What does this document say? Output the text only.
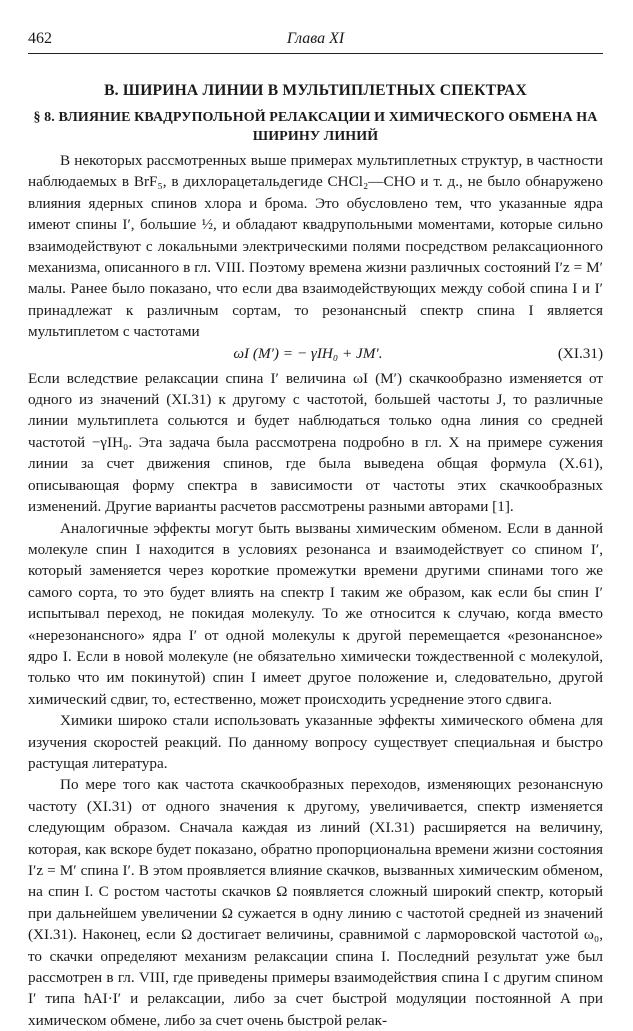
462	Глава XI
B. ШИРИНА ЛИНИИ В МУЛЬТИПЛЕТНЫХ СПЕКТРАХ
§ 8. ВЛИЯНИЕ КВАДРУПОЛЬНОЙ РЕЛАКСАЦИИ И ХИМИЧЕСКОГО ОБМЕНА НА ШИРИНУ ЛИНИЙ

В некоторых рассмотренных выше примерах мультиплетных структур, в частности наблюдаемых в BrF₅, в дихлорацетальдегиде CHCl₂—CHO и т. д., не было обнаружено влияния ядерных спинов хлора и брома. Это обусловлено тем, что указанные ядра имеют спины I′, большие ½, и обладают квадрупольными моментами, которые сильно взаимодействуют с локальными электрическими полями посредством релаксационного механизма, описанного в гл. VIII. Поэтому времена жизни различных состояний I′z = M′ малы. Ранее было показано, что если два взаимодействующих между собой спина I и I′ принадлежат к различным сортам, то резонансный спектр спина I является мультиплетом с частотами

ωI (M′) = − γIH₀ + JM′.	(XI.31)

Если вследствие релаксации спина I′ величина ωI (M′) скачкообразно изменяется от одного из значений (XI.31) к другому с частотой, большей частоты J, то различные линии мультиплета сольются и будет наблюдаться только одна линия со средней частотой −γIH₀. Эта задача была рассмотрена подробно в гл. X на примере сужения линии за счет движения спинов, где была выведена общая формула (X.61), описывающая форму спектра в зависимости от частоты этих скачкообразных изменений. Другие варианты расчетов рассмотрены разными авторами [1].

Аналогичные эффекты могут быть вызваны химическим обменом. Если в данной молекуле спин I находится в условиях резонанса и взаимодействует со спином I′, который заменяется через короткие промежутки времени другими спинами того же самого сорта, то это будет влиять на спектр I таким же образом, как если бы спин I′ испытывал переход, не покидая молекулу. То же относится к случаю, когда вместо «нерезонансного» ядра I′ от одной молекулы к другой перемещается «резонансное» ядро I. Если в новой молекуле (не обязательно химически тождественной с молекулой, только что им покинутой) спин I имеет другое положение и, следовательно, другой химический сдвиг, то, естественно, может происходить усреднение этого сдвига.

Химики широко стали использовать указанные эффекты химического обмена для изучения скоростей реакций. По данному вопросу существует специальная и быстро растущая литература.

По мере того как частота скачкообразных переходов, изменяющих резонансную частоту (XI.31) от одного значения к другому, увеличивается, спектр изменяется следующим образом. Сначала каждая из линий (XI.31) расширяется на величину, которая, как вскоре будет показано, обратно пропорциональна времени жизни состояния I′z = M′ спина I′. В этом проявляется влияние скачков, вызванных химическим обменом, на спин I. С ростом частоты скачков Ω появляется сложный широкий спектр, который при дальнейшем увеличении Ω сужается в одну линию с частотой средней из значений (XI.31). Наконец, если Ω достигает величины, сравнимой с ларморовской частотой ω₀, то скачки определяют механизм релаксации спина I. Последний результат уже был рассмотрен в гл. VIII, где приведены примеры взаимодействия спина I с другим спином I′ типа ħAI·I′ и релаксации, либо за счет быстрой модуляции постоянной A при химическом обмене, либо за счет очень быстрой релак-
